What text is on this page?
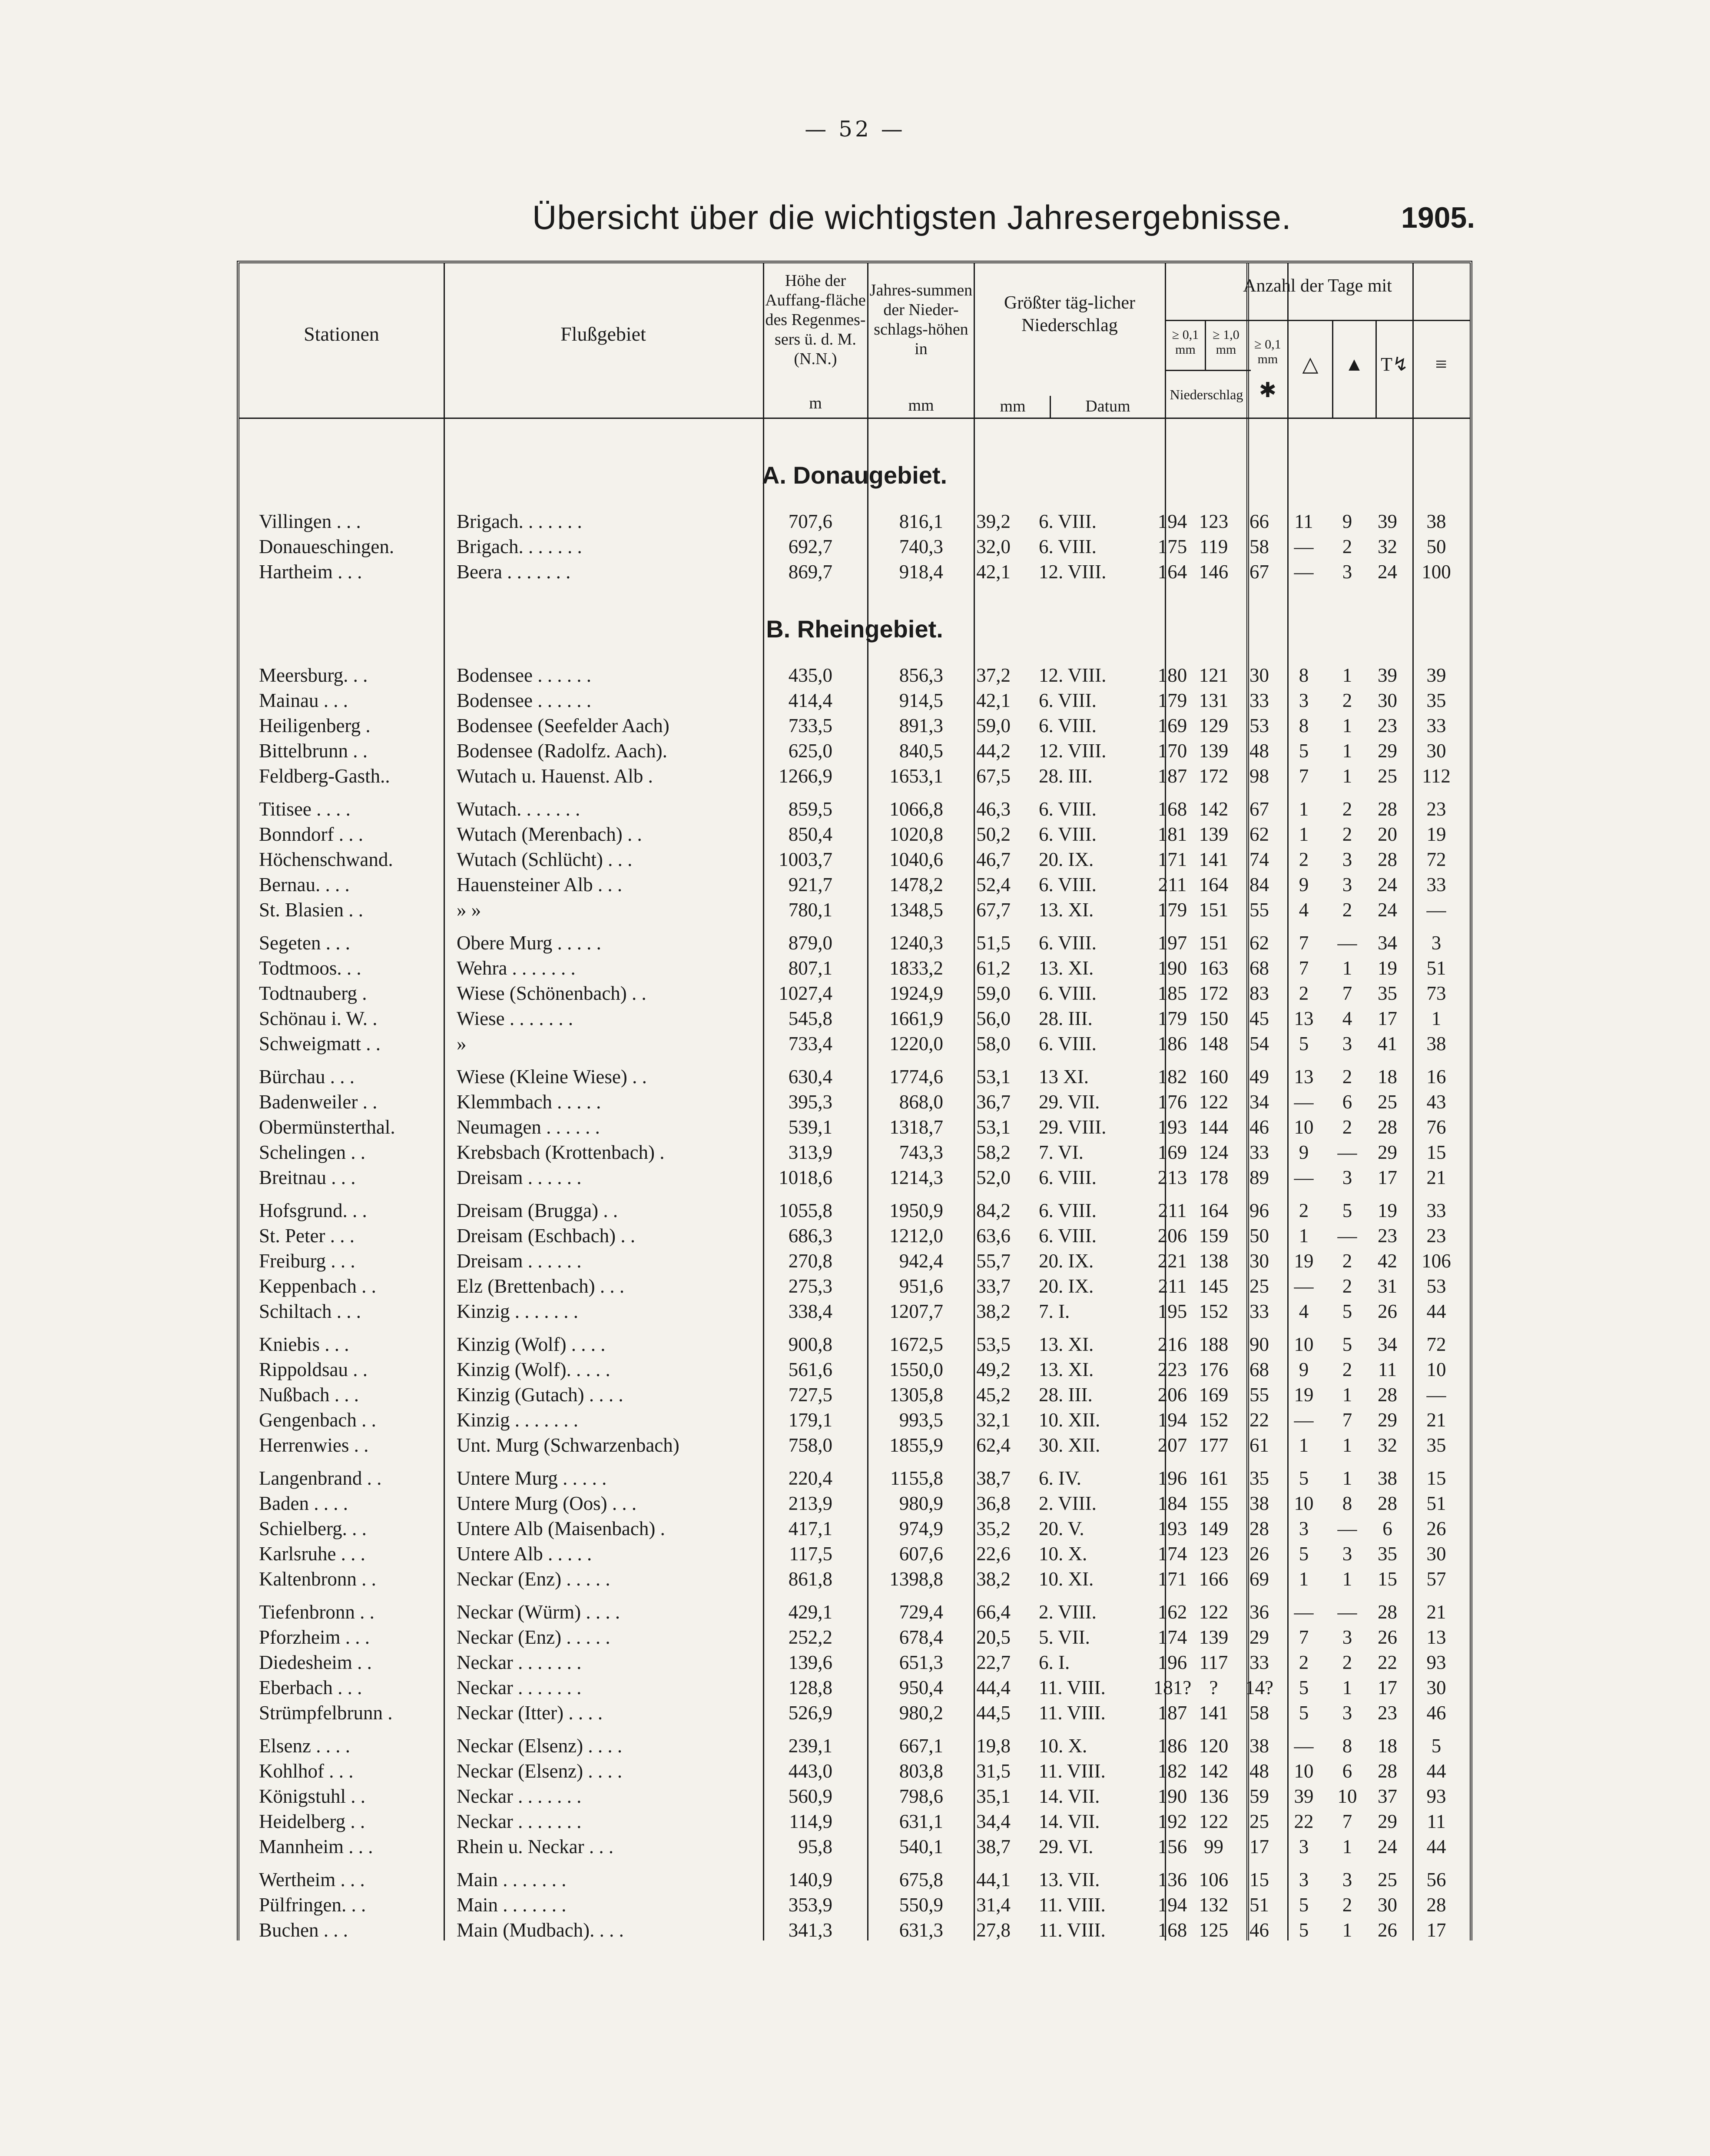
— 52 —
Übersicht über die wichtigsten Jahresergebnisse.	1905.
Stationen	Flußgebiet
Höhe der Auffang-fläche des Regenmes-sers ü. d. M. (N.N.)
m
Jahres-summen der Nieder-schlags-höhen in
mm
Größter täg-licher Niederschlag
mm	Datum
Anzahl der Tage mit
≥ 0,1 mm
≥ 1,0 mm
Niederschlag
≥ 0,1 mm
✱
△	▲ T↯	≡
A. Donaugebiet.
Villingen . . .	Brigach. . . . . . .	707,6	816,1	39,2 6. VIII.	194 123	66	11	9	39	38
Donaueschingen.	Brigach. . . . . . .	692,7	740,3	32,0 6. VIII.	175 119	58	—	2	32	50
Hartheim . . .	Beera . . . . . . .	869,7	918,4	42,1 12. VIII.	164 146	67	—	3	24	100
B. Rheingebiet.
Meersburg. . .	Bodensee . . . . . .	435,0	856,3	37,2 12. VIII.	180 121	30	8	1	39	39
Mainau . . .	Bodensee . . . . . .	414,4	914,5	42,1 6. VIII.	179 131	33	3	2	30	35
Heiligenberg .	Bodensee (Seefelder Aach)	733,5	891,3	59,0 6. VIII.	169 129	53	8	1	23	33
Bittelbrunn . .	Bodensee (Radolfz. Aach).	625,0	840,5	44,2 12. VIII.	170 139	48	5	1	29	30
Feldberg-Gasth..	Wutach u. Hauenst. Alb .	1266,9	1653,1	67,5 28. III.	187 172	98	7	1	25	112
Titisee . . . .	Wutach. . . . . . .	859,5	1066,8	46,3 6. VIII.	168 142	67	1	2	28	23
Bonndorf . . .	Wutach (Merenbach) . .	850,4	1020,8	50,2 6. VIII.	181 139	62	1	2	20	19
Höchenschwand.	Wutach (Schlücht) . . .	1003,7	1040,6	46,7 20. IX.	171 141	74	2	3	28	72
Bernau. . . .	Hauensteiner Alb . . .	921,7	1478,2	52,4 6. VIII.	211 164	84	9	3	24	33
St. Blasien . .	» »	780,1	1348,5	67,7 13. XI.	179 151	55	4	2	24	—
Segeten . . .	Obere Murg . . . . .	879,0	1240,3	51,5 6. VIII.	197 151	62	7	—	34	3
Todtmoos. . .	Wehra . . . . . . .	807,1	1833,2	61,2 13. XI.	190 163	68	7	1	19	51
Todtnauberg .	Wiese (Schönenbach) . .	1027,4	1924,9	59,0 6. VIII.	185 172	83	2	7	35	73
Schönau i. W. .	Wiese . . . . . . .	545,8	1661,9	56,0 28. III.	179 150	45	13	4	17	1
Schweigmatt . .	»	733,4	1220,0	58,0 6. VIII.	186 148	54	5	3	41	38
Bürchau . . .	Wiese (Kleine Wiese) . .	630,4	1774,6	53,1 13 XI.	182 160	49	13	2	18	16
Badenweiler . .	Klemmbach . . . . .	395,3	868,0	36,7 29. VII.	176 122	34	—	6	25	43
Obermünsterthal.	Neumagen . . . . . .	539,1	1318,7	53,1 29. VIII.	193 144	46	10	2	28	76
Schelingen . .	Krebsbach (Krottenbach) .	313,9	743,3	58,2 7. VI.	169 124	33	9	—	29	15
Breitnau . . .	Dreisam . . . . . .	1018,6	1214,3	52,0 6. VIII.	213 178	89	—	3	17	21
Hofsgrund. . .	Dreisam (Brugga) . .	1055,8	1950,9	84,2 6. VIII.	211 164	96	2	5	19	33
St. Peter . . .	Dreisam (Eschbach) . .	686,3	1212,0	63,6 6. VIII.	206 159	50	1	—	23	23
Freiburg . . .	Dreisam . . . . . .	270,8	942,4	55,7 20. IX.	221 138	30	19	2	42	106
Keppenbach . .	Elz (Brettenbach) . . .	275,3	951,6	33,7 20. IX.	211 145	25	—	2	31	53
Schiltach . . .	Kinzig . . . . . . .	338,4	1207,7	38,2 7. I.	195 152	33	4	5	26	44
Kniebis . . .	Kinzig (Wolf) . . . .	900,8	1672,5	53,5 13. XI.	216 188	90	10	5	34	72
Rippoldsau . .	Kinzig (Wolf). . . . .	561,6	1550,0	49,2 13. XI.	223 176	68	9	2	11	10
Nußbach . . .	Kinzig (Gutach) . . . .	727,5	1305,8	45,2 28. III.	206 169	55	19	1	28	—
Gengenbach . .	Kinzig . . . . . . .	179,1	993,5	32,1 10. XII.	194 152	22	—	7	29	21
Herrenwies . .	Unt. Murg (Schwarzenbach)	758,0	1855,9	62,4 30. XII.	207 177	61	1	1	32	35
Langenbrand . .	Untere Murg . . . . .	220,4	1155,8	38,7 6. IV.	196 161	35	5	1	38	15
Baden . . . .	Untere Murg (Oos) . . .	213,9	980,9	36,8 2. VIII.	184 155	38	10	8	28	51
Schielberg. . .	Untere Alb (Maisenbach) .	417,1	974,9	35,2 20. V.	193 149	28	3	—	6	26
Karlsruhe . . .	Untere Alb . . . . .	117,5	607,6	22,6 10. X.	174 123	26	5	3	35	30
Kaltenbronn . .	Neckar (Enz) . . . . .	861,8	1398,8	38,2 10. XI.	171 166	69	1	1	15	57
Tiefenbronn . .	Neckar (Würm) . . . .	429,1	729,4	66,4 2. VIII.	162 122	36	—	—	28	21
Pforzheim . . .	Neckar (Enz) . . . . .	252,2	678,4	20,5 5. VII.	174 139	29	7	3	26	13
Diedesheim . .	Neckar . . . . . . .	139,6	651,3	22,7 6. I.	196 117	33	2	2	22	93
Eberbach . . .	Neckar . . . . . . .	128,8	950,4	44,4 11. VIII.	181? ?	14?	5	1	17	30
Strümpfelbrunn .	Neckar (Itter) . . . .	526,9	980,2	44,5 11. VIII.	187 141	58	5	3	23	46
Elsenz . . . .	Neckar (Elsenz) . . . .	239,1	667,1	19,8 10. X.	186 120	38	—	8	18	5
Kohlhof . . .	Neckar (Elsenz) . . . .	443,0	803,8	31,5 11. VIII.	182 142	48	10	6	28	44
Königstuhl . .	Neckar . . . . . . .	560,9	798,6	35,1 14. VII.	190 136	59	39	10	37	93
Heidelberg . .	Neckar . . . . . . .	114,9	631,1	34,4 14. VII.	192 122	25	22	7	29	11
Mannheim . . .	Rhein u. Neckar . . .	95,8	540,1	38,7 29. VI.	156 99	17	3	1	24	44
Wertheim . . .	Main . . . . . . .	140,9	675,8	44,1 13. VII.	136 106	15	3	3	25	56
Pülfringen. . .	Main . . . . . . .	353,9	550,9	31,4 11. VIII.	194 132	51	5	2	30	28
Buchen . . .	Main (Mudbach). . . .	341,3	631,3	27,8 11. VIII.	168 125	46	5	1	26	17
